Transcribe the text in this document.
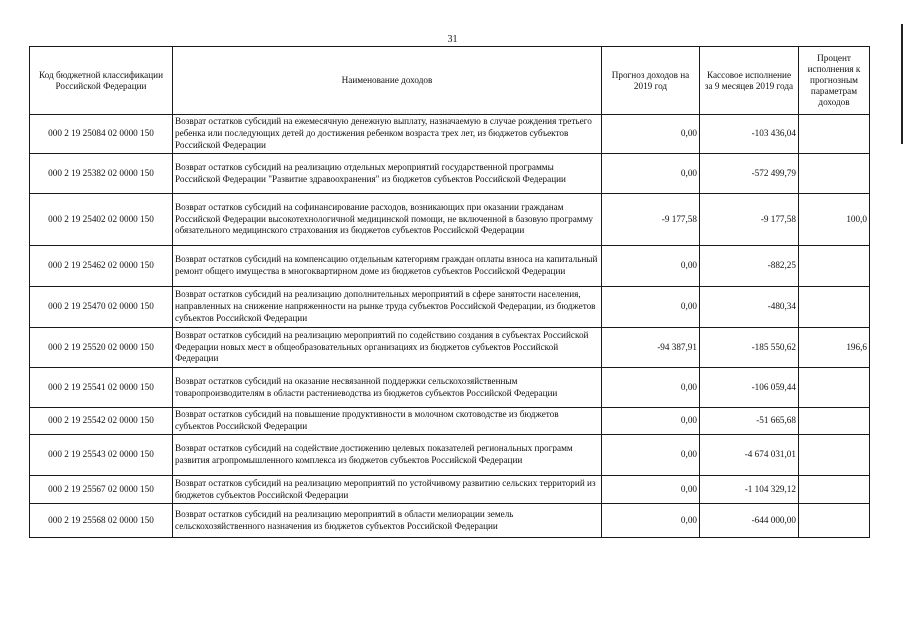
31
Код бюджетной классификации Российской Федерации	Наименование доходов	Прогноз доходов на 2019 год	Кассовое исполнение за 9 месяцев 2019 года	Процент исполнения к прогнозным параметрам доходов
000 2 19 25084 02 0000 150	Возврат остатков субсидий на ежемесячную денежную выплату, назначаемую в случае рождения третьего ребенка или последующих детей до достижения ребенком возраста трех лет, из бюджетов субъектов Российской Федерации	0,00	-103 436,04	
000 2 19 25382 02 0000 150	Возврат остатков субсидий на реализацию отдельных мероприятий государственной программы Российской Федерации "Развитие здравоохранения" из бюджетов субъектов Российской Федерации	0,00	-572 499,79	
000 2 19 25402 02 0000 150	Возврат остатков субсидий на софинансирование расходов, возникающих при оказании гражданам Российской Федерации высокотехнологичной медицинской помощи, не включенной в базовую программу обязательного медицинского страхования из бюджетов субъектов Российской Федерации	-9 177,58	-9 177,58	100,0
000 2 19 25462 02 0000 150	Возврат остатков субсидий на компенсацию отдельным категориям граждан оплаты взноса на капитальный ремонт общего имущества в многоквартирном доме из бюджетов субъектов Российской Федерации	0,00	-882,25	
000 2 19 25470 02 0000 150	Возврат остатков субсидий на реализацию дополнительных мероприятий в сфере занятости населения, направленных на снижение напряженности на рынке труда субъектов Российской Федерации, из бюджетов субъектов Российской Федерации	0,00	-480,34	
000 2 19 25520 02 0000 150	Возврат остатков субсидий на реализацию мероприятий по содействию создания в субъектах Российской Федерации новых мест в общеобразовательных организациях из бюджетов субъектов Российской Федерации	-94 387,91	-185 550,62	196,6
000 2 19 25541 02 0000 150	Возврат остатков субсидий на оказание несвязанной поддержки сельскохозяйственным товаропроизводителям в области растениеводства из бюджетов субъектов Российской Федерации	0,00	-106 059,44	
000 2 19 25542 02 0000 150	Возврат остатков субсидий на повышение продуктивности в молочном скотоводстве из бюджетов субъектов Российской Федерации	0,00	-51 665,68	
000 2 19 25543 02 0000 150	Возврат остатков субсидий на содействие достижению целевых показателей региональных программ развития агропромышленного комплекса из бюджетов субъектов Российской Федерации	0,00	-4 674 031,01	
000 2 19 25567 02 0000 150	Возврат остатков субсидий на реализацию мероприятий по устойчивому развитию сельских территорий из бюджетов субъектов Российской Федерации	0,00	-1 104 329,12	
000 2 19 25568 02 0000 150	Возврат остатков субсидий на реализацию мероприятий в области мелиорации земель сельскохозяйственного назначения из бюджетов субъектов Российской Федерации	0,00	-644 000,00	
